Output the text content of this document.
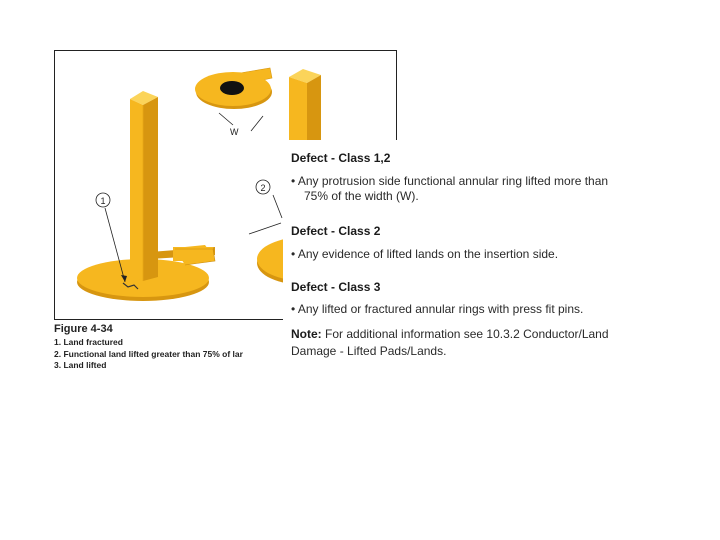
1
W
2
Figure 4-34
1. Land fractured
2. Functional land lifted greater than 75% of lar
3. Land lifted
Defect - Class 1,2
• Any protrusion side functional annular ring lifted more than
75% of the width (W).
Defect - Class 2
• Any evidence of lifted lands on the insertion side.
Defect - Class 3
• Any lifted or fractured annular rings with press fit pins.
Note: For additional information see 10.3.2 Conductor/Land
Damage - Lifted Pads/Lands.
